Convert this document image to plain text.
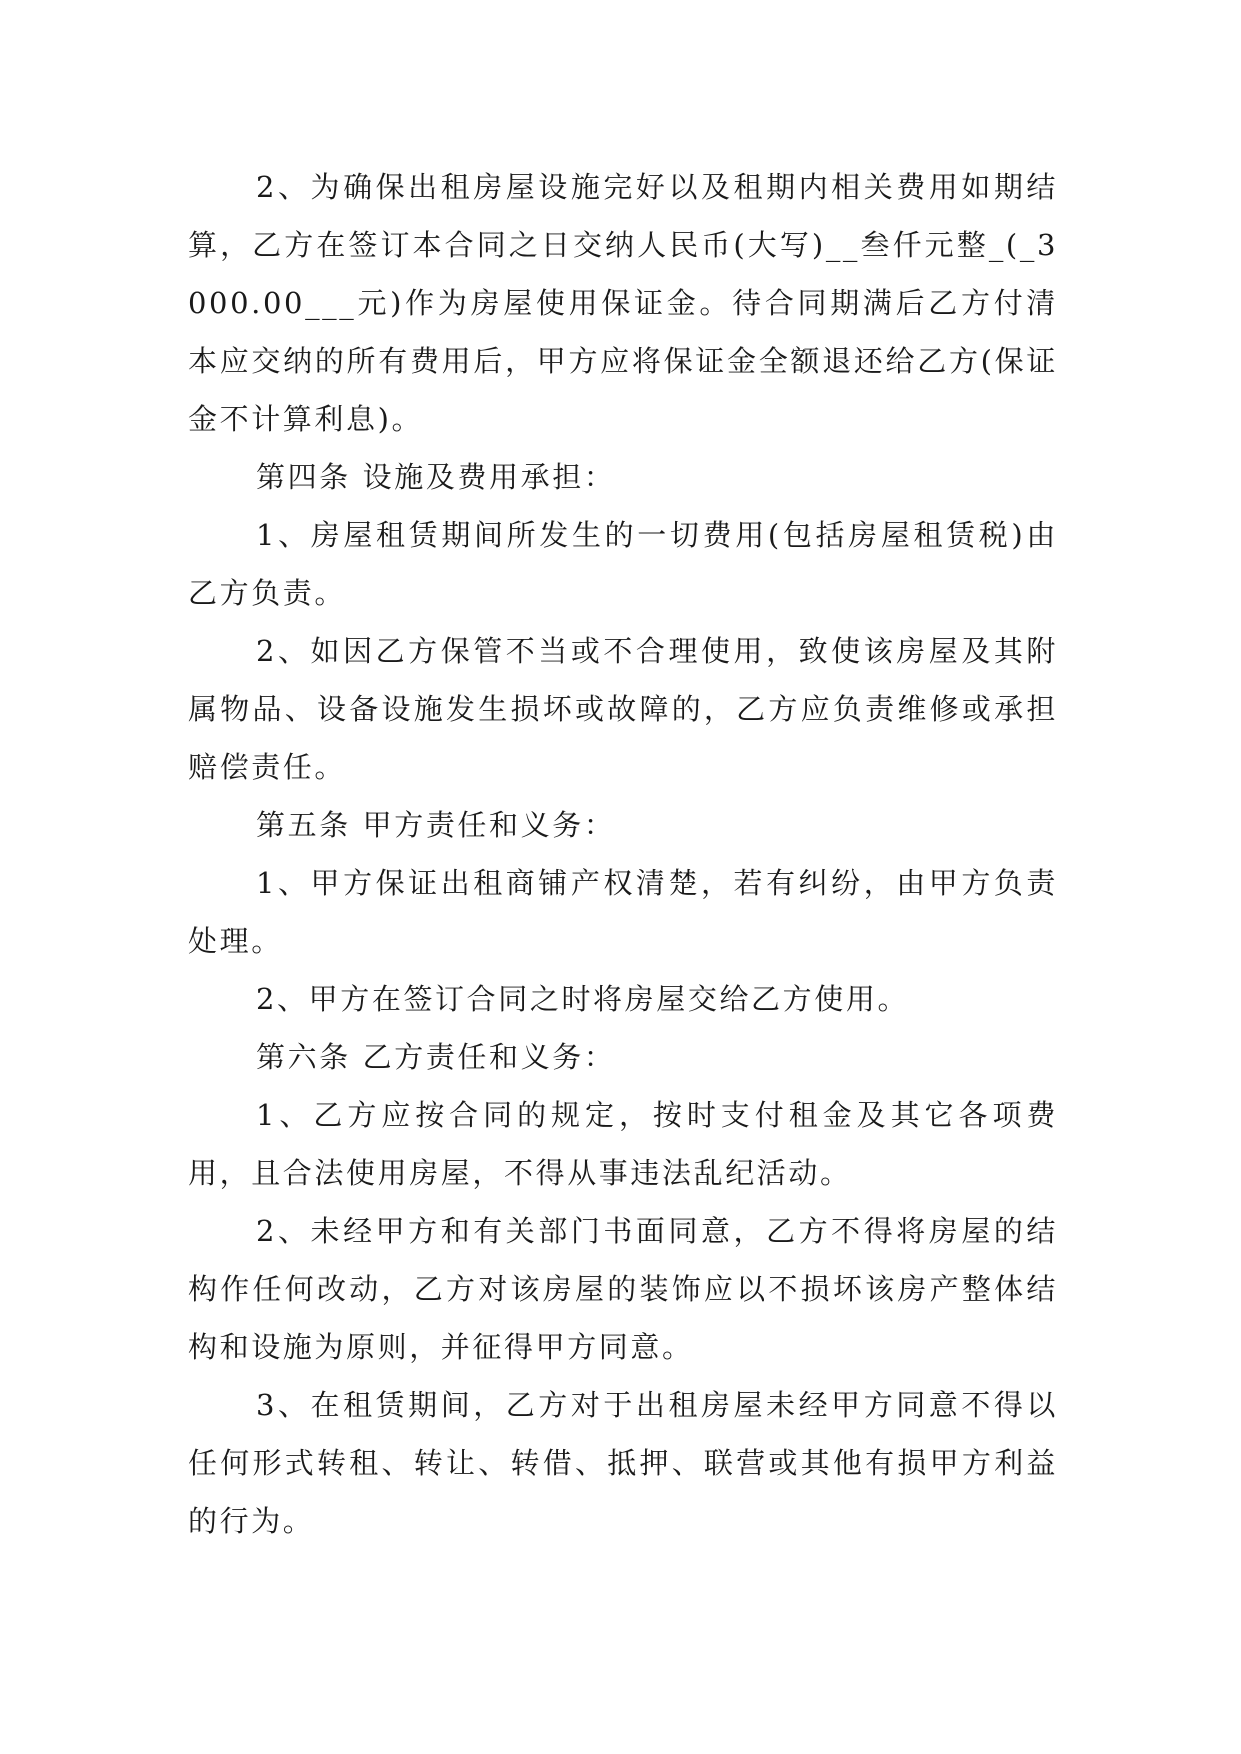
2、为确保出租房屋设施完好以及租期内相关费用如期结算，乙方在签订本合同之日交纳人民币(大写)__叁仟元整_(_3000.00___元)作为房屋使用保证金。待合同期满后乙方付清本应交纳的所有费用后，甲方应将保证金全额退还给乙方(保证金不计算利息)。

第四条 设施及费用承担：

1、房屋租赁期间所发生的一切费用(包括房屋租赁税)由乙方负责。

2、如因乙方保管不当或不合理使用，致使该房屋及其附属物品、设备设施发生损坏或故障的，乙方应负责维修或承担赔偿责任。

第五条 甲方责任和义务：

1、甲方保证出租商铺产权清楚，若有纠纷，由甲方负责处理。

2、甲方在签订合同之时将房屋交给乙方使用。

第六条 乙方责任和义务：

1、乙方应按合同的规定，按时支付租金及其它各项费用，且合法使用房屋，不得从事违法乱纪活动。

2、未经甲方和有关部门书面同意，乙方不得将房屋的结构作任何改动，乙方对该房屋的装饰应以不损坏该房产整体结构和设施为原则，并征得甲方同意。

3、在租赁期间，乙方对于出租房屋未经甲方同意不得以任何形式转租、转让、转借、抵押、联营或其他有损甲方利益的行为。
